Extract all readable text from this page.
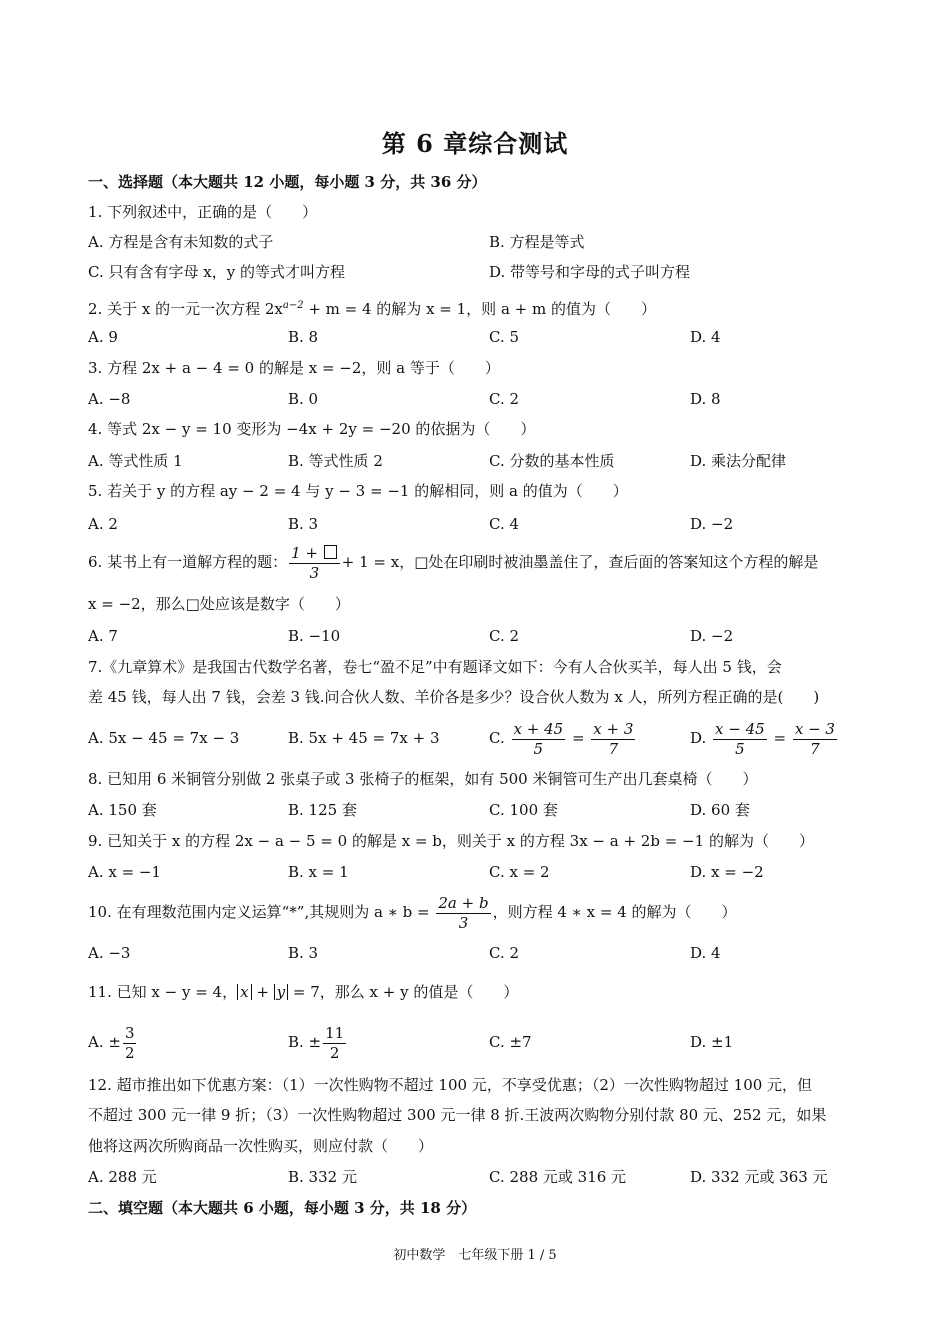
第 6 章综合测试
一、选择题（本大题共 12 小题，每小题 3 分，共 36 分）
1. 下列叙述中，正确的是（　　）
A. 方程是含有未知数的式子	B. 方程是等式
C. 只有含有字母 x，y 的等式才叫方程	D. 带等号和字母的式子叫方程
2. 关于 x 的一元一次方程 $2x^{a-2} + m = 4$ 的解为 x = 1，则 a + m 的值为（　　）
A. 9	B. 8	C. 5	D. 4
3. 方程 2x + a − 4 = 0 的解是 x = −2，则 a 等于（　　）
A. −8	B. 0	C. 2	D. 8
4. 等式 2x − y = 10 变形为 −4x + 2y = −20 的依据为（　　）
A. 等式性质 1	B. 等式性质 2	C. 分数的基本性质	D. 乘法分配律
5. 若关于 y 的方程 ay − 2 = 4 与 y − 3 = −1 的解相同，则 a 的值为（　　）
A. 2	B. 3	C. 4	D. −2
6. 某书上有一道解方程的题： $\frac{1 +}{3} + 1 = x$，□处在印刷时被油墨盖住了，查后面的答案知这个方程的解是
x = −2，那么□处应该是数字（　　）
A. 7	B. −10	C. 2	D. −2
7.《九章算术》是我国古代数学名著，卷七“盈不足”中有题译文如下：今有人合伙买羊，每人出 5 钱，会
差 45 钱，每人出 7 钱，会差 3 钱.问合伙人数、羊价各是多少？设合伙人数为 x 人，所列方程正确的是(　　)
A. 5x − 45 = 7x − 3	B. 5x + 45 = 7x + 3	C. $\frac{x + 45}{5} = \frac{x + 3}{7}$	D. $\frac{x - 45}{5} = \frac{x - 3}{7}$
8. 已知用 6 米铜管分别做 2 张桌子或 3 张椅子的框架，如有 500 米铜管可生产出几套桌椅（　　）
A. 150 套	B. 125 套	C. 100 套	D. 60 套
9. 已知关于 x 的方程 2x − a − 5 = 0 的解是 x = b，则关于 x 的方程 3x − a + 2b = −1 的解为（　　）
A. x = −1	B. x = 1	C. x = 2	D. x = −2
10. 在有理数范围内定义运算“*”,其规则为 a ∗ $b = \frac{2a + b}{3}$ ，则方程 4 ∗ x = 4 的解为（　　）
A. −3	B. 3	C. 2	D. 4
11. 已知 x − y = 4， x + y = 7，那么 x + y 的值是（　　）
A. ± $\frac{3}{2}$	B. ± $\frac{11}{2}$	C. ±7	D. ±1
12. 超市推出如下优惠方案：（1）一次性购物不超过 100 元，不享受优惠；（2）一次性购物超过 100 元，但
不超过 300 元一律 9 折；（3）一次性购物超过 300 元一律 8 折.王波两次购物分别付款 80 元、252 元，如果
他将这两次所购商品一次性购买，则应付款（　　）
A. 288 元	B. 332 元	C. 288 元或 316 元	D. 332 元或 363 元
二、填空题（本大题共 6 小题，每小题 3 分，共 18 分）
初中数学　七年级下册 1 / 5
